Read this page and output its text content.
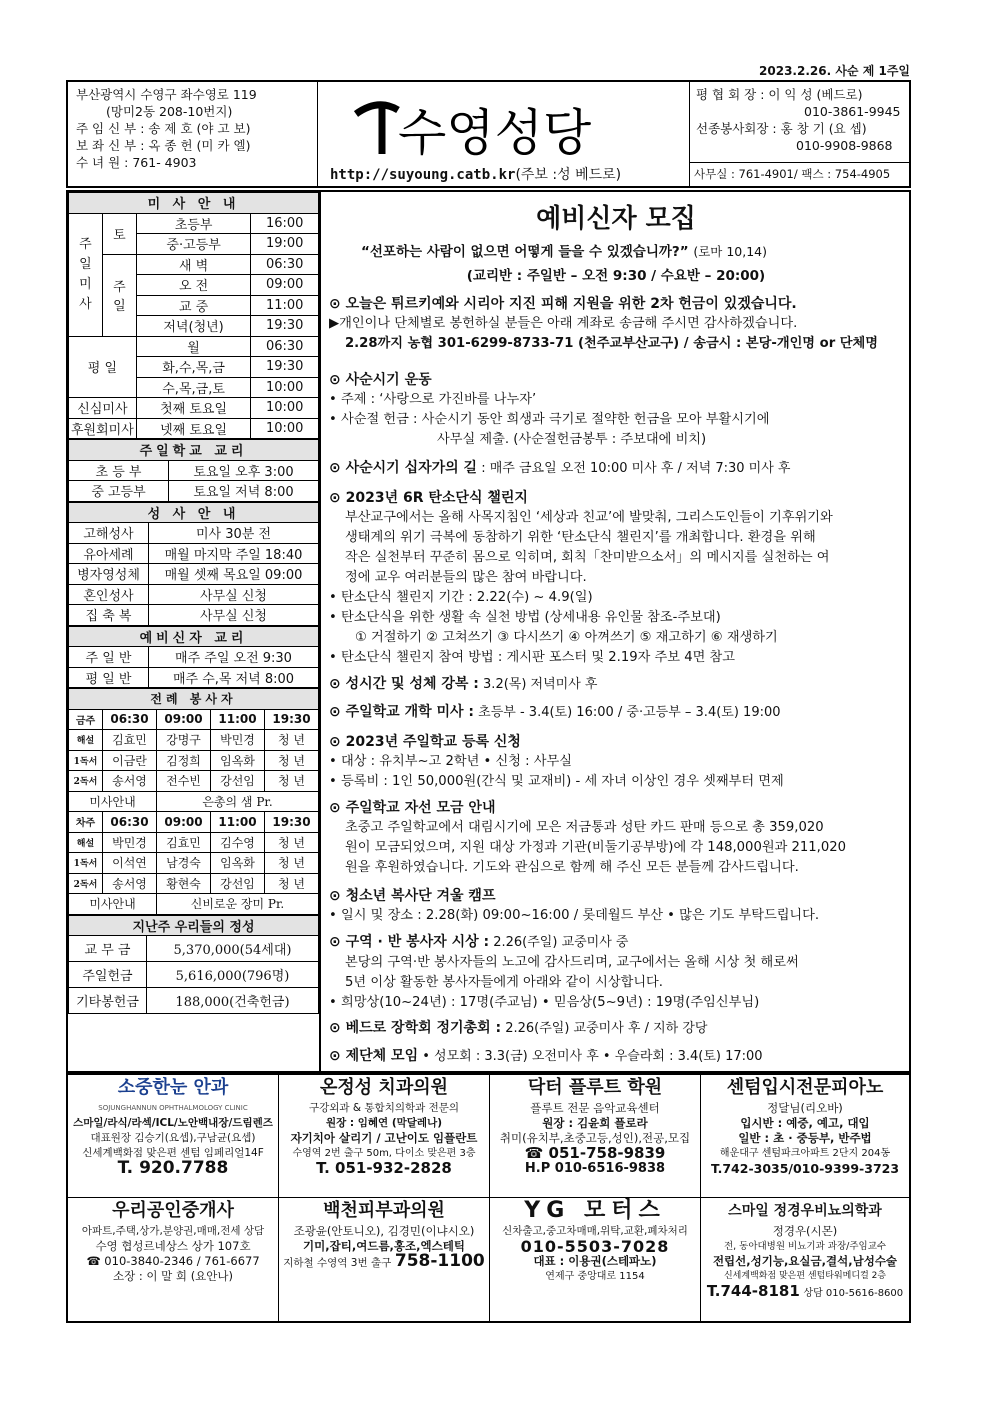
2023.2.26. 사순 제 1주일
부산광역시 수영구 좌수영로 119
(망미2동 208-10번지)
주 임 신 부 : 송 제 호 (야 고 보)
보 좌 신 부 : 옥 종 헌 (미 카 엘)
수 녀 원 : 761- 4903
수영성당
http://suyoung.catb.kr(주보 :성 베드로)
평 협 회 장 : 이 익 성 (베드로)
010-3861-9945
선종봉사회장 : 홍 창 기 (요 셉)
010-9908-9868
사무실 : 761-4901/ 팩스 : 754-4905
미 사 안 내			
주 일 미 사	토	초등부	16:00
		중·고등부	19:00
	주 일	새 벽	06:30
		오 전	09:00
		교 중	11:00
		저녁(청년)	19:30
평 일		월	06:30
		화,수,목,금	19:30
		수,목,금,토	10:00
신심미사		첫째 토요일	10:00
후원회미사		넷째 토요일	10:00
주일학교 교리	
초 등 부	토요일 오후 3:00
중 고등부	토요일 저녁 8:00
성 사 안 내	
고해성사	미사 30분 전
유아세례	매월 마지막 주일 18:40
병자영성체	매월 셋째 목요일 09:00
혼인성사	사무실 신청
집 축 복	사무실 신청
예비신자 교리	
주 일 반	매주 주일 오전 9:30
평 일 반	매주 수,목 저녁 8:00
전례 봉사자				
금주	06:30	09:00	11:00	19:30
해설	김효민	강명구	박민경	청 년
1독서	이금란	김정희	임옥화	청 년
2독서	송서영	전수빈	강선임	청 년
미사안내		은총의 샘 Pr.		
차주	06:30	09:00	11:00	19:30
해설	박민경	김효민	김수영	청 년
1독서	이석연	남경숙	임옥화	청 년
2독서	송서영	황현숙	강선임	청 년
미사안내		신비로운 장미 Pr.		
지난주 우리들의 정성	
교 무 금	5,370,000(54세대)
주일헌금	5,616,000(796명)
기타봉헌금	188,000(건축헌금)
예비신자 모집
“선포하는 사람이 없으면 어떻게 들을 수 있겠습니까?” (로마 10,14)
(교리반 : 주일반 – 오전 9:30 / 수요반 – 20:00)
⊙ 오늘은 튀르키예와 시리아 지진 피해 지원을 위한 2차 헌금이 있겠습니다.
▶개인이나 단체별로 봉헌하실 분들은 아래 계좌로 송금해 주시면 감사하겠습니다.
2.28까지 농협 301-6299-8733-71 (천주교부산교구) / 송금시 : 본당-개인명 or 단체명
⊙ 사순시기 운동
• 주제 : ‘사랑으로 가진바를 나누자’
• 사순절 헌금 : 사순시기 동안 희생과 극기로 절약한 헌금을 모아 부활시기에
사무실 제출. (사순절헌금봉투 : 주보대에 비치)
⊙ 사순시기 십자가의 길 : 매주 금요일 오전 10:00 미사 후 / 저녁 7:30 미사 후
⊙ 2023년 6R 탄소단식 챌린지
부산교구에서는 올해 사목지침인 ‘세상과 친교’에 발맞춰, 그리스도인들이 기후위기와
생태계의 위기 극복에 동참하기 위한 ‘탄소단식 챌린지’를 개최합니다. 환경을 위해
작은 실천부터 꾸준히 몸으로 익히며, 회칙「찬미받으소서」의 메시지를 실천하는 여
정에 교우 여러분들의 많은 참여 바랍니다.
• 탄소단식 챌린지 기간 : 2.22(수) ~ 4.9(일)
• 탄소단식을 위한 생활 속 실천 방법 (상세내용 유인물 참조-주보대)
① 거절하기 ② 고쳐쓰기 ③ 다시쓰기 ④ 아껴쓰기 ⑤ 재고하기 ⑥ 재생하기
• 탄소단식 챌린지 참여 방법 : 게시판 포스터 및 2.19자 주보 4면 참고
⊙ 성시간 및 성체 강복 : 3.2(목) 저녁미사 후
⊙ 주일학교 개학 미사 : 초등부 - 3.4(토) 16:00 / 중·고등부 – 3.4(토) 19:00
⊙ 2023년 주일학교 등록 신청
• 대상 : 유치부~고 2학년 • 신청 : 사무실
• 등록비 : 1인 50,000원(간식 및 교재비) - 세 자녀 이상인 경우 셋째부터 면제
⊙ 주일학교 자선 모금 안내
초중고 주일학교에서 대림시기에 모은 저금통과 성탄 카드 판매 등으로 총 359,020
원이 모금되었으며, 지원 대상 가정과 기관(비둘기공부방)에 각 148,000원과 211,020
원을 후원하였습니다. 기도와 관심으로 함께 해 주신 모든 분들께 감사드립니다.
⊙ 청소년 복사단 겨울 캠프
• 일시 및 장소 : 2.28(화) 09:00~16:00 / 롯데월드 부산 • 많은 기도 부탁드립니다.
⊙ 구역 · 반 봉사자 시상 : 2.26(주일) 교중미사 중
본당의 구역·반 봉사자들의 노고에 감사드리며, 교구에서는 올해 시상 첫 해로써
5년 이상 활동한 봉사자들에게 아래와 같이 시상합니다.
• 희망상(10~24년) : 17명(주교님) • 믿음상(5~9년) : 19명(주임신부님)
⊙ 베드로 장학회 정기총회 : 2.26(주일) 교중미사 후 / 지하 강당
⊙ 제단체 모임 • 성모회 : 3.3(금) 오전미사 후 • 우슬라회 : 3.4(토) 17:00
소중한눈 안과
SOJUNGHANNUN OPHTHALMOLOGY CLINIC
스마일/라식/라섹/ICL/노안백내장/드림렌즈
대표원장 김승기(요셉),구남균(요셉)
신세계백화점 맞은편 센텀 임페리얼14F
T. 920.7788
온정성 치과의원
구강외과 & 통합치의학과 전문의
원장 : 임혜연 (막달레나)
자기치아 살리기 / 고난이도 임플란트
수영역 2번 출구 50m, 다이소 맞은편 3층
T. 051-932-2828
닥터 플루트 학원
플루트 전문 음악교육센터
원장 : 김윤희 플로라
취미(유치부,초중고등,성인),전공,모집
☎ 051-758-9839
H.P 010-6516-9838
센텀입시전문피아노
정달님(리오바)
입시반 : 예중, 예고, 대입
일반 : 초 · 중등부, 반주법
해운대구 센텀파크아파트 2단지 204동
T.742-3035/010-9399-3723
우리공인중개사
아파트,주택,상가,분양권,매매,전세 상담
수영 협성르네상스 상가 107호
☎ 010-3840-2346 / 761-6677
소장 : 이 말 희 (요안나)
백천피부과의원
조광윤(안토니오), 김경민(이냐시오)
기미,잡티,여드름,홍조,엑스테틱
지하철 수영역 3번 출구 758-1100
YG 모터스
신차출고,중고차매매,위탁,교환,폐차처리
010-5503-7028
대표 : 이용권(스테파노)
연제구 중앙대로 1154
스마일 정경우비뇨의학과
정경우(시몬)
전, 동아대병원 비뇨기과 과장/주임교수
전립선,성기능,요실금,결석,남성수술
신세계백화점 맞은편 센텀타워메디컬 2층
T.744-8181 상담 010-5616-8600
